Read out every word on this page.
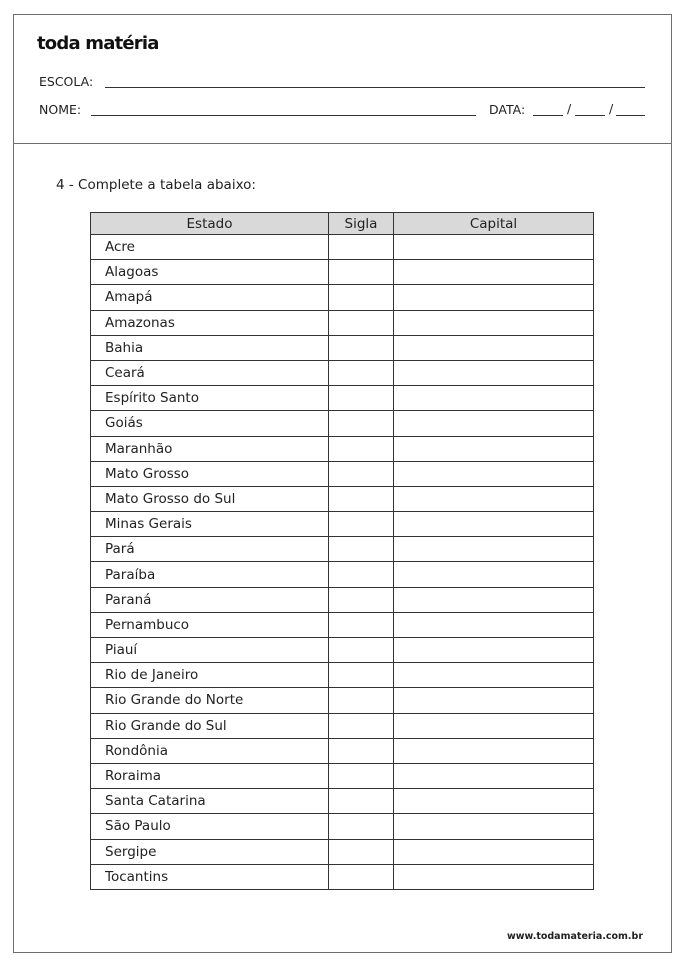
toda matéria
ESCOLA:
NOME:	DATA:	/	/
4 - Complete a tabela abaixo:
Estado	Sigla	Capital
Acre		
Alagoas		
Amapá		
Amazonas		
Bahia		
Ceará		
Espírito Santo		
Goiás		
Maranhão		
Mato Grosso		
Mato Grosso do Sul		
Minas Gerais		
Pará		
Paraíba		
Paraná		
Pernambuco		
Piauí		
Rio de Janeiro		
Rio Grande do Norte		
Rio Grande do Sul		
Rondônia		
Roraima		
Santa Catarina		
São Paulo		
Sergipe		
Tocantins		
www.todamateria.com.br
